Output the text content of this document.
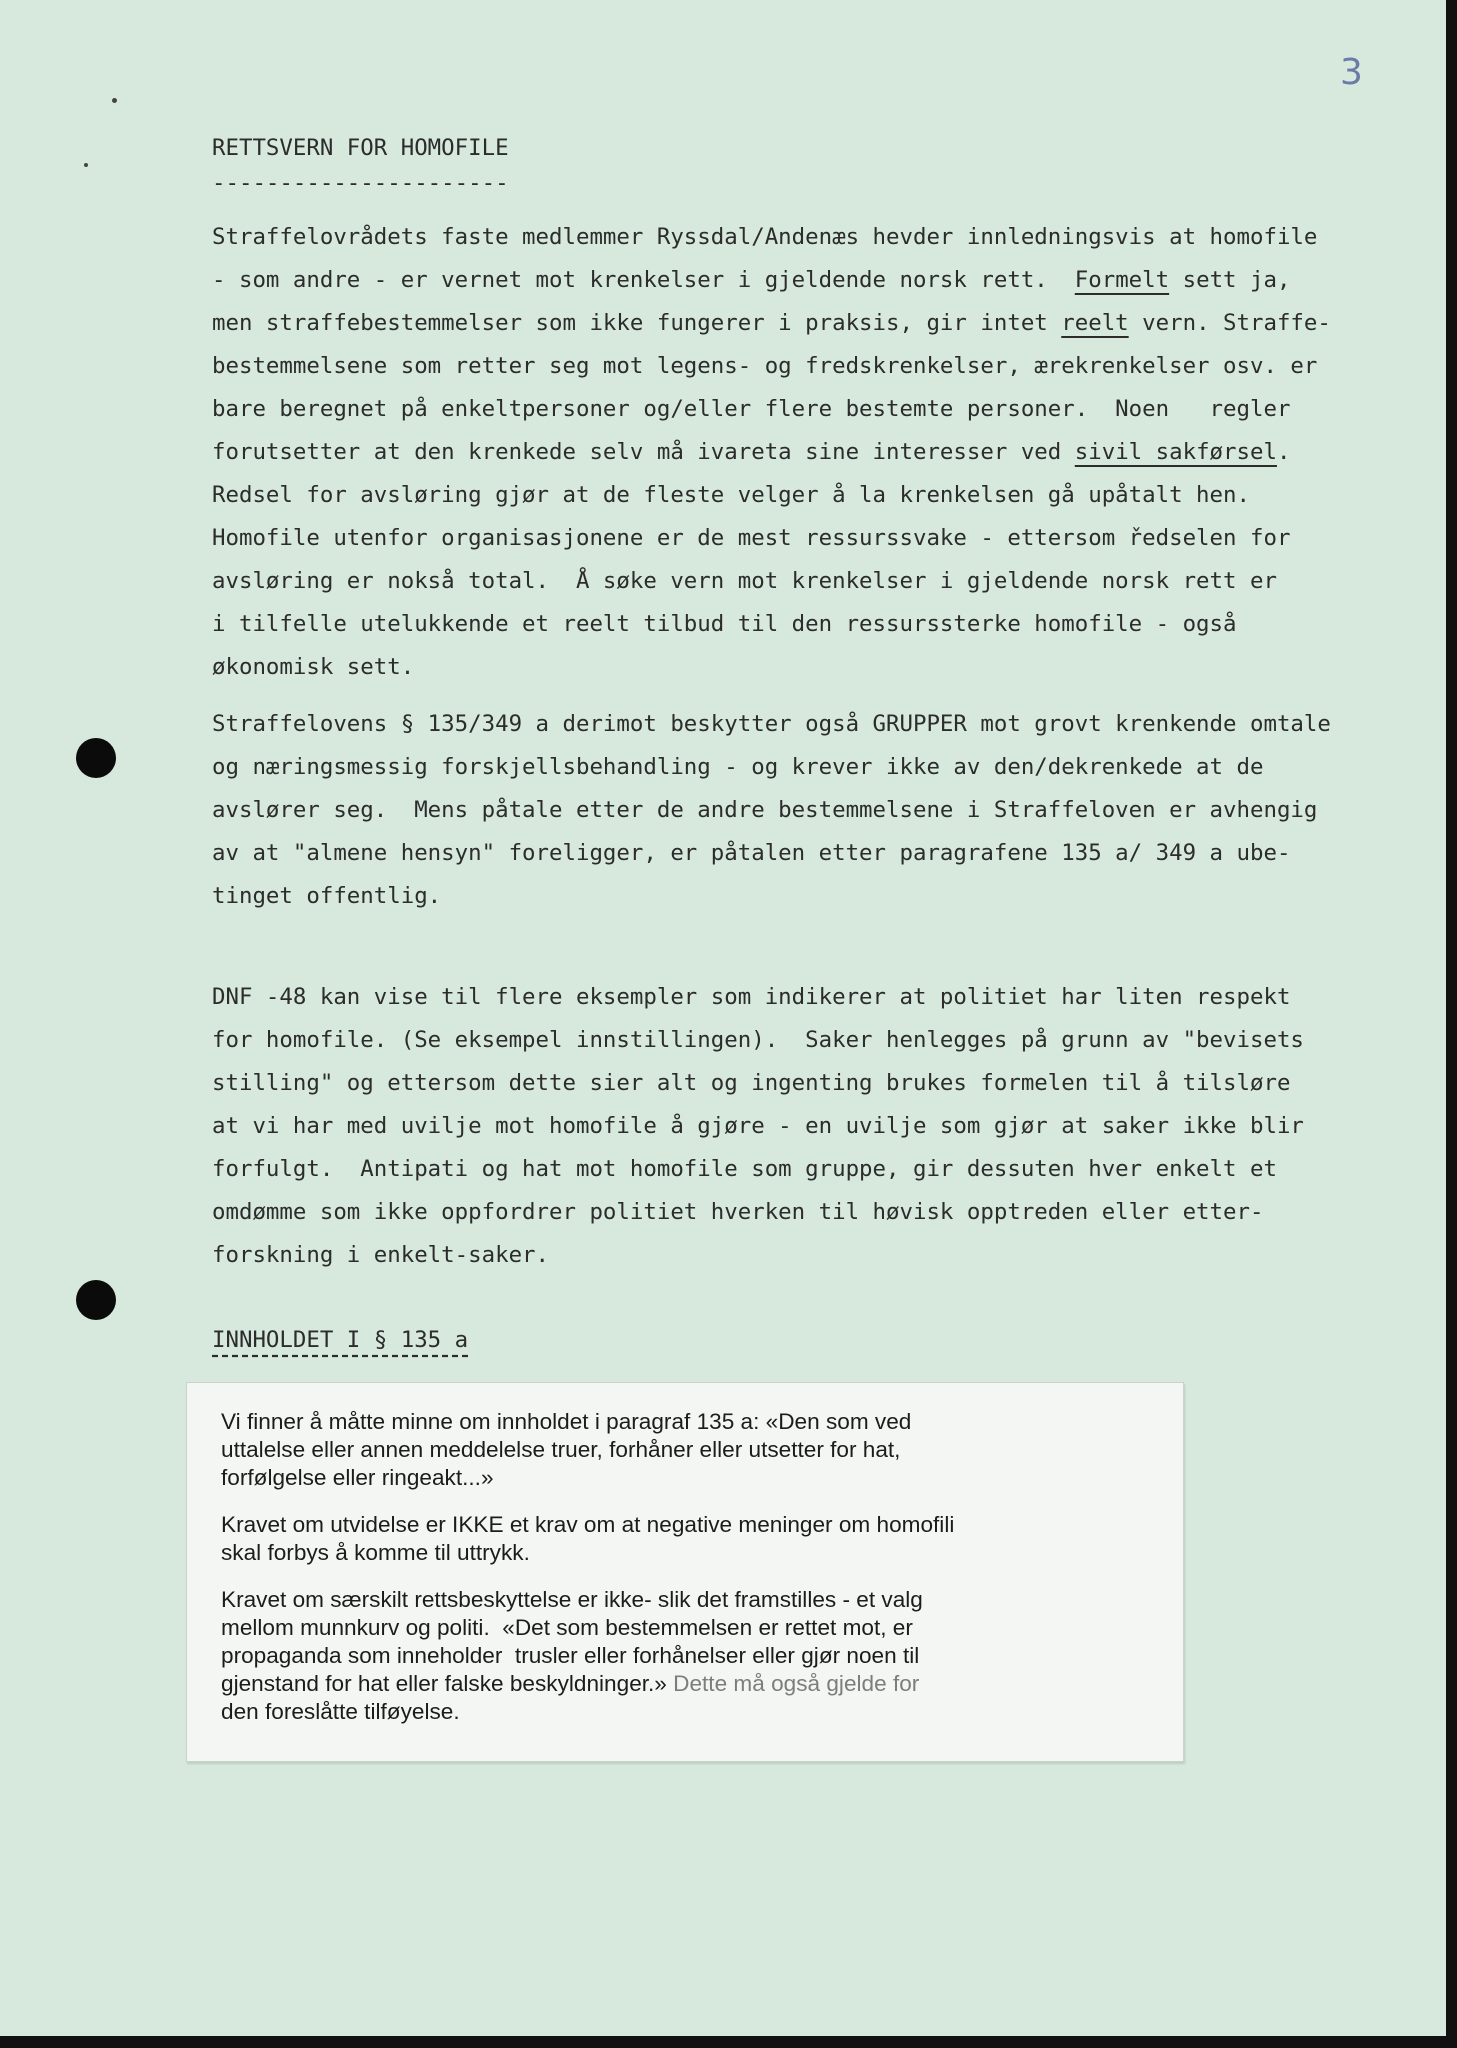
3
RETTSVERN FOR HOMOFILE
----------------------
Straffelovrådets faste medlemmer Ryssdal/Andenæs hevder innledningsvis at homofile
- som andre - er vernet mot krenkelser i gjeldende norsk rett.  Formelt sett ja,
men straffebestemmelser som ikke fungerer i praksis, gir intet reelt vern. Straffe-
bestemmelsene som retter seg mot legens- og fredskrenkelser, ærekrenkelser osv. er
bare beregnet på enkeltpersoner og/eller flere bestemte personer.  Noen   regler
forutsetter at den krenkede selv må ivareta sine interesser ved sivil sakførsel.
Redsel for avsløring gjør at de fleste velger å la krenkelsen gå upåtalt hen.
Homofile utenfor organisasjonene er de mest ressurssvake - ettersom ředselen for
avsløring er nokså total.  Å søke vern mot krenkelser i gjeldende norsk rett er
i tilfelle utelukkende et reelt tilbud til den ressurssterke homofile - også
økonomisk sett.
Straffelovens § 135/349 a derimot beskytter også GRUPPER mot grovt krenkende omtale
og næringsmessig forskjellsbehandling - og krever ikke av den/dekrenkede at de
avslører seg.  Mens påtale etter de andre bestemmelsene i Straffeloven er avhengig
av at "almene hensyn" foreligger, er påtalen etter paragrafene 135 a/ 349 a ube-
tinget offentlig.
DNF -48 kan vise til flere eksempler som indikerer at politiet har liten respekt
for homofile. (Se eksempel innstillingen).  Saker henlegges på grunn av "bevisets
stilling" og ettersom dette sier alt og ingenting brukes formelen til å tilsløre
at vi har med uvilje mot homofile å gjøre - en uvilje som gjør at saker ikke blir
forfulgt.  Antipati og hat mot homofile som gruppe, gir dessuten hver enkelt et
omdømme som ikke oppfordrer politiet hverken til høvisk opptreden eller etter-
forskning i enkelt-saker.
INNHOLDET I § 135 a

Vi finner å måtte minne om innholdet i paragraf 135 a: «Den som ved
uttalelse eller annen meddelelse truer, forhåner eller utsetter for hat,
forfølgelse eller ringeakt...»

Kravet om utvidelse er IKKE et krav om at negative meninger om homofili
skal forbys å komme til uttrykk.

Kravet om særskilt rettsbeskyttelse er ikke- slik det framstilles - et valg
mellom munnkurv og politi.  «Det som bestemmelsen er rettet mot, er
propaganda som inneholder  trusler eller forhånelser eller gjør noen til
gjenstand for hat eller falske beskyldninger.» Dette må også gjelde for
den foreslåtte tilføyelse.
